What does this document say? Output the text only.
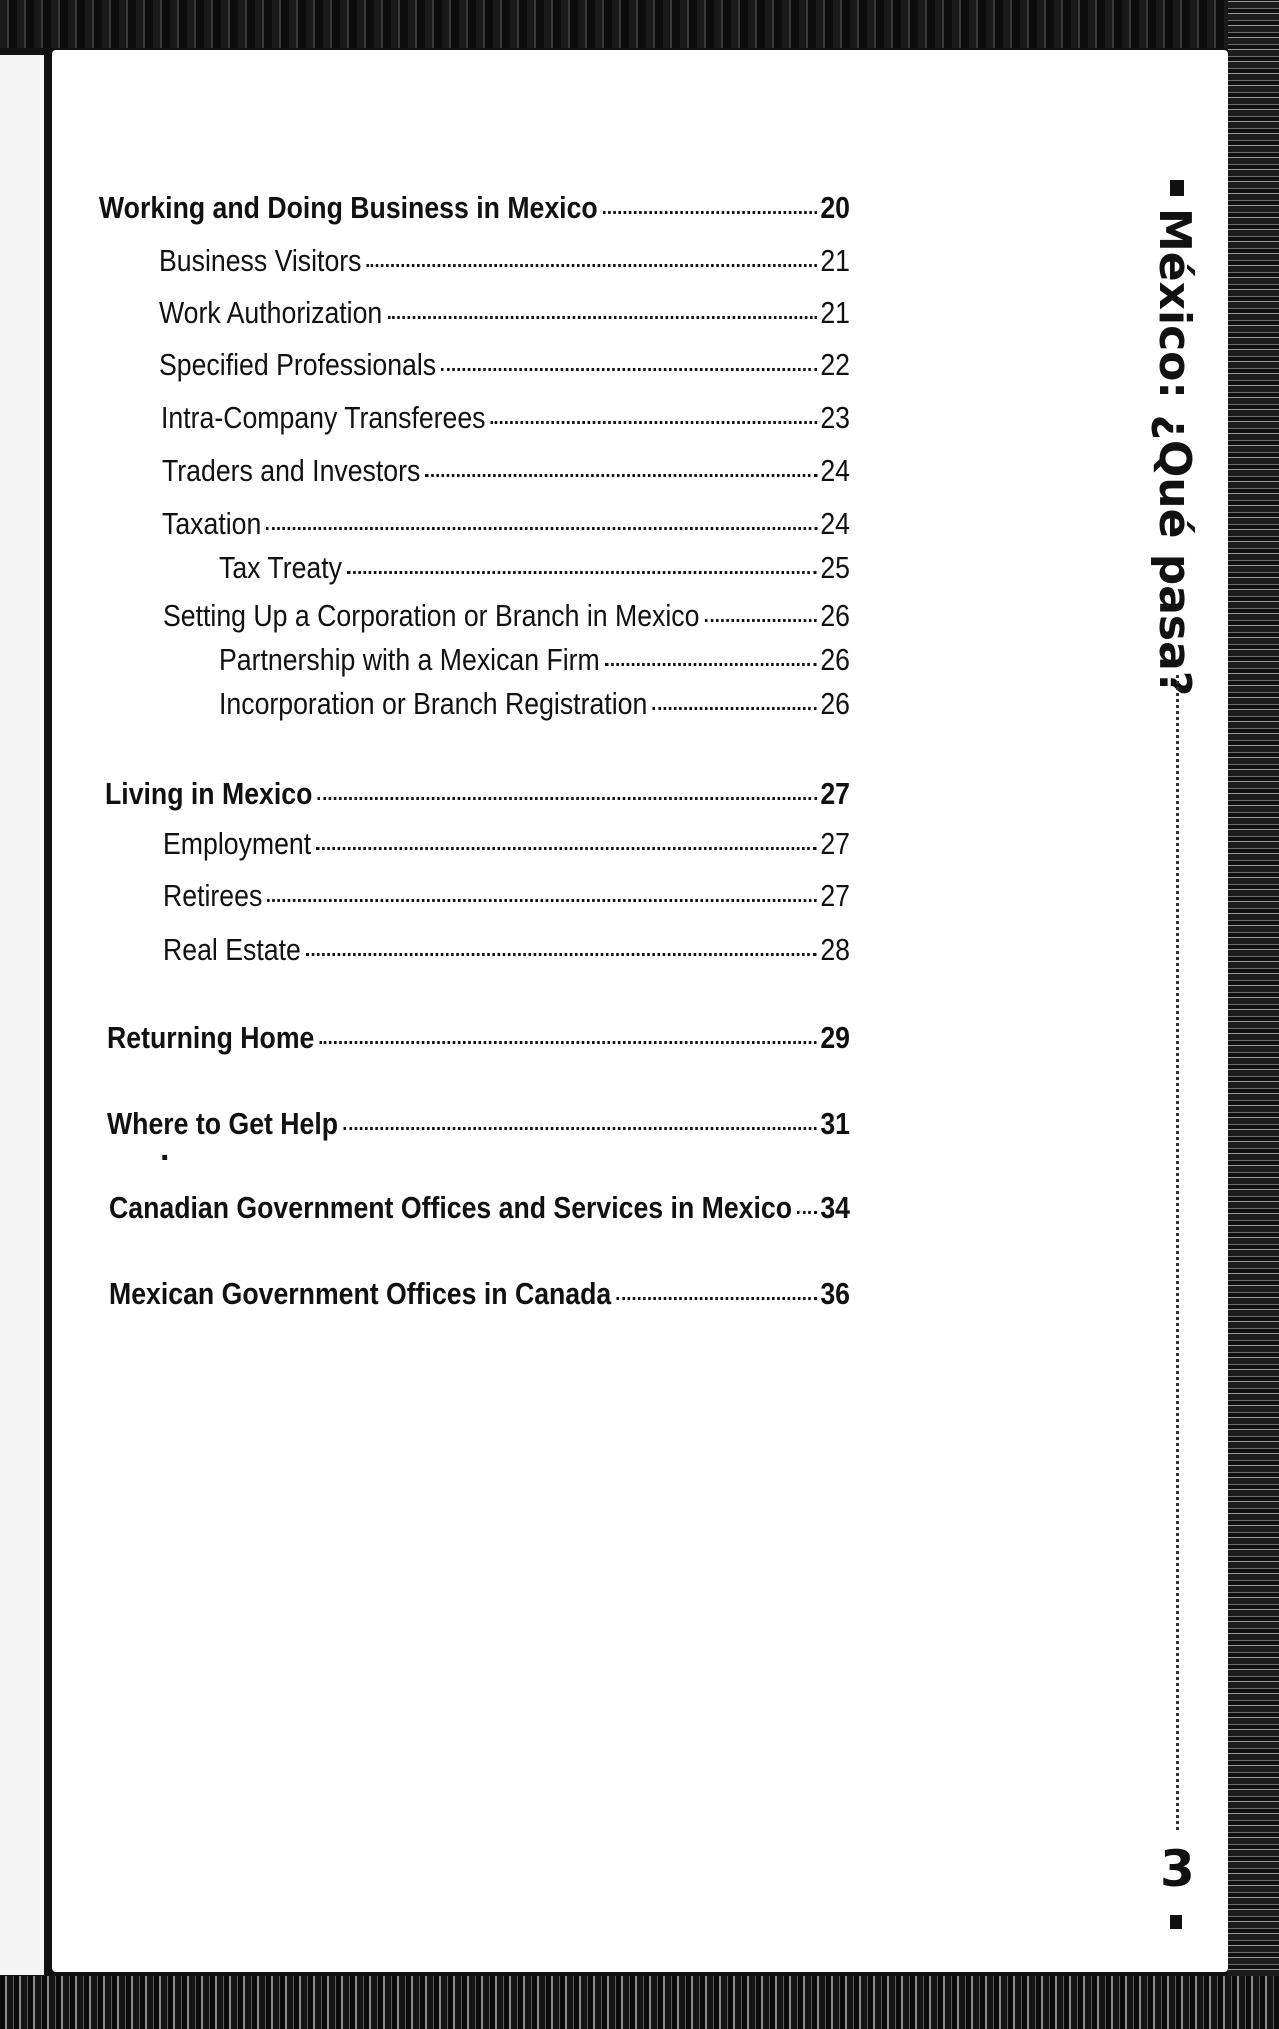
Working and Doing Business in Mexico	20
Business Visitors	21
Work Authorization	21
Specified Professionals	22
Intra-Company Transferees	23
Traders and Investors	24
Taxation	24
Tax Treaty	25
Setting Up a Corporation or Branch in Mexico	26
Partnership with a Mexican Firm	26
Incorporation or Branch Registration	26
Living in Mexico	27
Employment	27
Retirees	27
Real Estate	28
Returning Home	29
Where to Get Help	31
Canadian Government Offices and Services in Mexico 34
Mexican Government Offices in Canada	36
.
México: ¿Qué pasa?
3
